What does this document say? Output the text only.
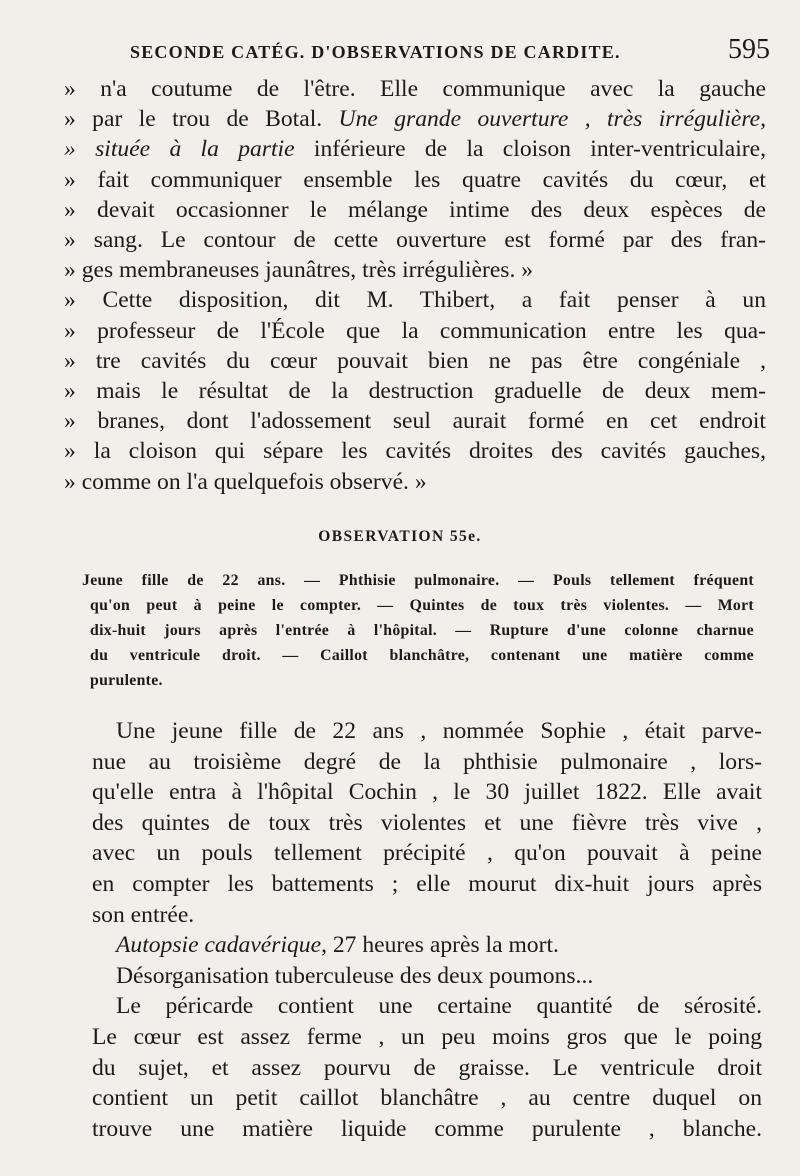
SECONDE CATÉG. D'OBSERVATIONS DE CARDITE.	595
» n'a coutume de l'être. Elle communique avec la gauche
» par le trou de Botal. Une grande ouverture , très irrégulière,
» située à la partie inférieure de la cloison inter-ventriculaire,
» fait communiquer ensemble les quatre cavités du cœur, et
» devait occasionner le mélange intime des deux espèces de
» sang. Le contour de cette ouverture est formé par des fran-
» ges membraneuses jaunâtres, très irrégulières. »
» Cette disposition, dit M. Thibert, a fait penser à un
» professeur de l'École que la communication entre les qua-
» tre cavités du cœur pouvait bien ne pas être congéniale ,
» mais le résultat de la destruction graduelle de deux mem-
» branes, dont l'adossement seul aurait formé en cet endroit
» la cloison qui sépare les cavités droites des cavités gauches,
» comme on l'a quelquefois observé. »
OBSERVATION 55e.
Jeune fille de 22 ans. — Phthisie pulmonaire. — Pouls tellement fréquent
qu'on peut à peine le compter. — Quintes de toux très violentes. — Mort
dix-huit jours après l'entrée à l'hôpital. — Rupture d'une colonne charnue
du ventricule droit. — Caillot blanchâtre, contenant une matière comme
purulente.
Une jeune fille de 22 ans , nommée Sophie , était parve-
nue au troisième degré de la phthisie pulmonaire , lors-
qu'elle entra à l'hôpital Cochin , le 30 juillet 1822. Elle avait
des quintes de toux très violentes et une fièvre très vive ,
avec un pouls tellement précipité , qu'on pouvait à peine
en compter les battements ; elle mourut dix-huit jours après
son entrée.
Autopsie cadavérique, 27 heures après la mort.
Désorganisation tuberculeuse des deux poumons...
Le péricarde contient une certaine quantité de sérosité.
Le cœur est assez ferme , un peu moins gros que le poing
du sujet, et assez pourvu de graisse. Le ventricule droit
contient un petit caillot blanchâtre , au centre duquel on
trouve une matière liquide comme purulente , blanche.
